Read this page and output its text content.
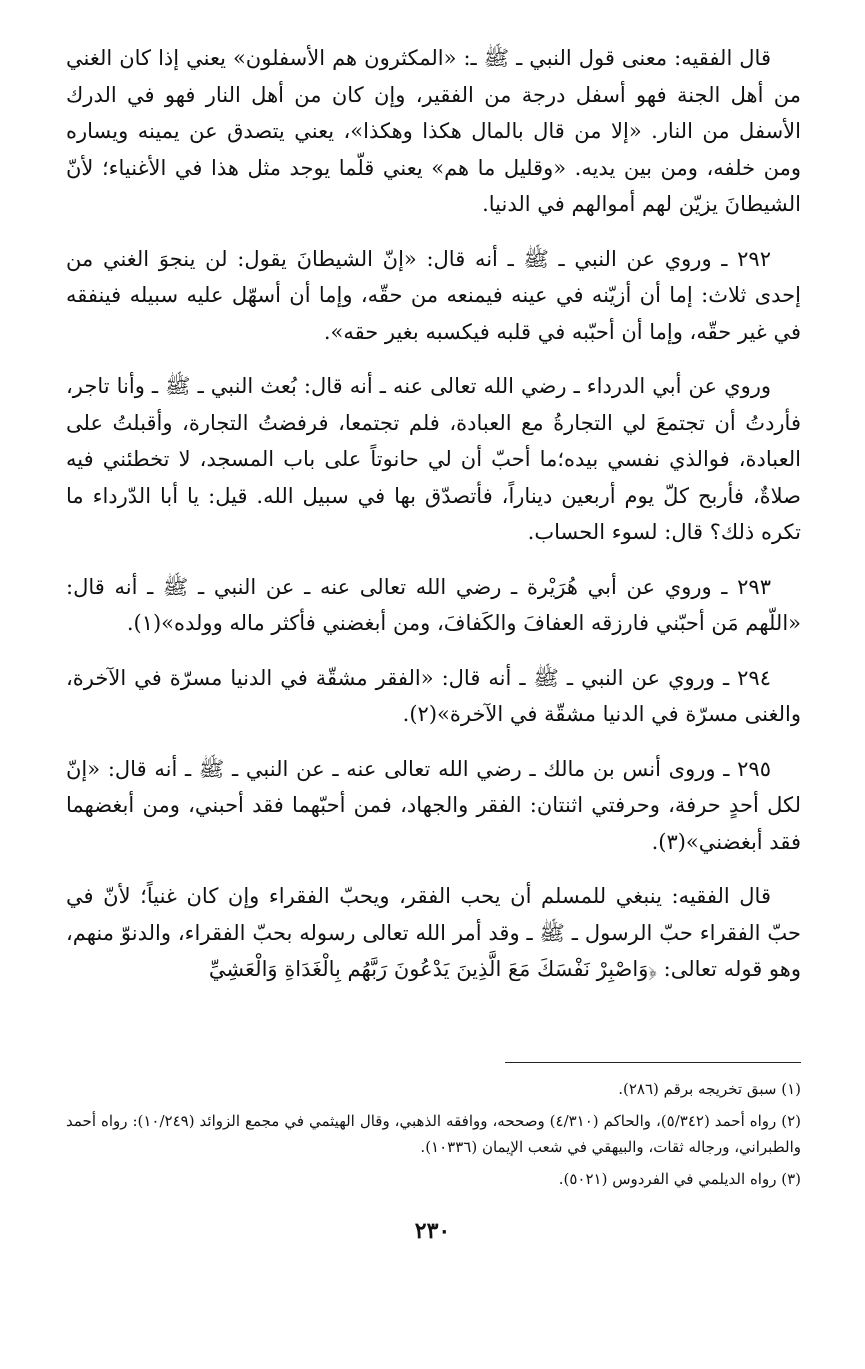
قال الفقيه: معنى قول النبي ـ ﷺ ـ: «المكثرون هم الأسفلون» يعني إذا كان الغني من أهل الجنة فهو أسفل درجة من الفقير، وإن كان من أهل النار فهو في الدرك الأسفل من النار. «إلا من قال بالمال هكذا وهكذا»، يعني يتصدق عن يمينه ويساره ومن خلفه، ومن بين يديه. «وقليل ما هم» يعني قلّما يوجد مثل هذا في الأغنياء؛ لأنّ الشيطانَ يزيّن لهم أموالهم في الدنيا.

٢٩٢ ـ وروي عن النبي ـ ﷺ ـ أنه قال: «إنّ الشيطانَ يقول: لن ينجوَ الغني من إحدى ثلاث: إما أن أزيّنه في عينه فيمنعه من حقّه، وإما أن أسهّل عليه سبيله فينفقه في غير حقّه، وإما أن أحبّبه في قلبه فيكسبه بغير حقه».

وروي عن أبي الدرداء ـ رضي الله تعالى عنه ـ أنه قال: بُعث النبي ـ ﷺ ـ وأنا تاجر، فأردتُ أن تجتمعَ لي التجارةُ مع العبادة، فلم تجتمعا، فرفضتُ التجارة، وأقبلتُ على العبادة، فوالذي نفسي بيده؛ما أحبّ أن لي حانوتاً على باب المسجد، لا تخطئني فيه صلاةٌ، فأربح كلّ يوم أربعين ديناراً، فأتصدّق بها في سبيل الله. قيل: يا أبا الدّرداء ما تكره ذلك؟ قال: لسوء الحساب.

٢٩٣ ـ وروي عن أبي هُرَيْرة ـ رضي الله تعالى عنه ـ عن النبي ـ ﷺ ـ أنه قال: «اللّهم مَن أحبّني فارزقه العفافَ والكَفافَ، ومن أبغضني فأكثر ماله وولده»(١).

٢٩٤ ـ وروي عن النبي ـ ﷺ ـ أنه قال: «الفقر مشقّة في الدنيا مسرّة في الآخرة، والغنى مسرّة في الدنيا مشقّة في الآخرة»(٢).

٢٩٥ ـ وروى أنس بن مالك ـ رضي الله تعالى عنه ـ عن النبي ـ ﷺ ـ أنه قال: «إنّ لكل أحدٍ حرفة، وحرفتي اثنتان: الفقر والجهاد، فمن أحبّهما فقد أحبني، ومن أبغضهما فقد أبغضني»(٣).

قال الفقيه: ينبغي للمسلم أن يحب الفقر، ويحبّ الفقراء وإن كان غنياً؛ لأنّ في حبّ الفقراء حبّ الرسول ـ ﷺ ـ وقد أمر الله تعالى رسوله بحبّ الفقراء، والدنوّ منهم، وهو قوله تعالى: ﴿وَاصْبِرْ نَفْسَكَ مَعَ الَّذِينَ يَدْعُونَ رَبَّهُم بِالْغَدَاةِ وَالْعَشِيِّ

(١) سبق تخريجه برقم (٢٨٦).

(٢) رواه أحمد (٥/٣٤٢)، والحاكم (٤/٣١٠) وصححه، ووافقه الذهبي، وقال الهيثمي في مجمع الزوائد (١٠/٢٤٩): رواه أحمد والطبراني، ورجاله ثقات، والبيهقي في شعب الإيمان (١٠٣٣٦).

(٣) رواه الديلمي في الفردوس (٥٠٢١).

٢٣٠
